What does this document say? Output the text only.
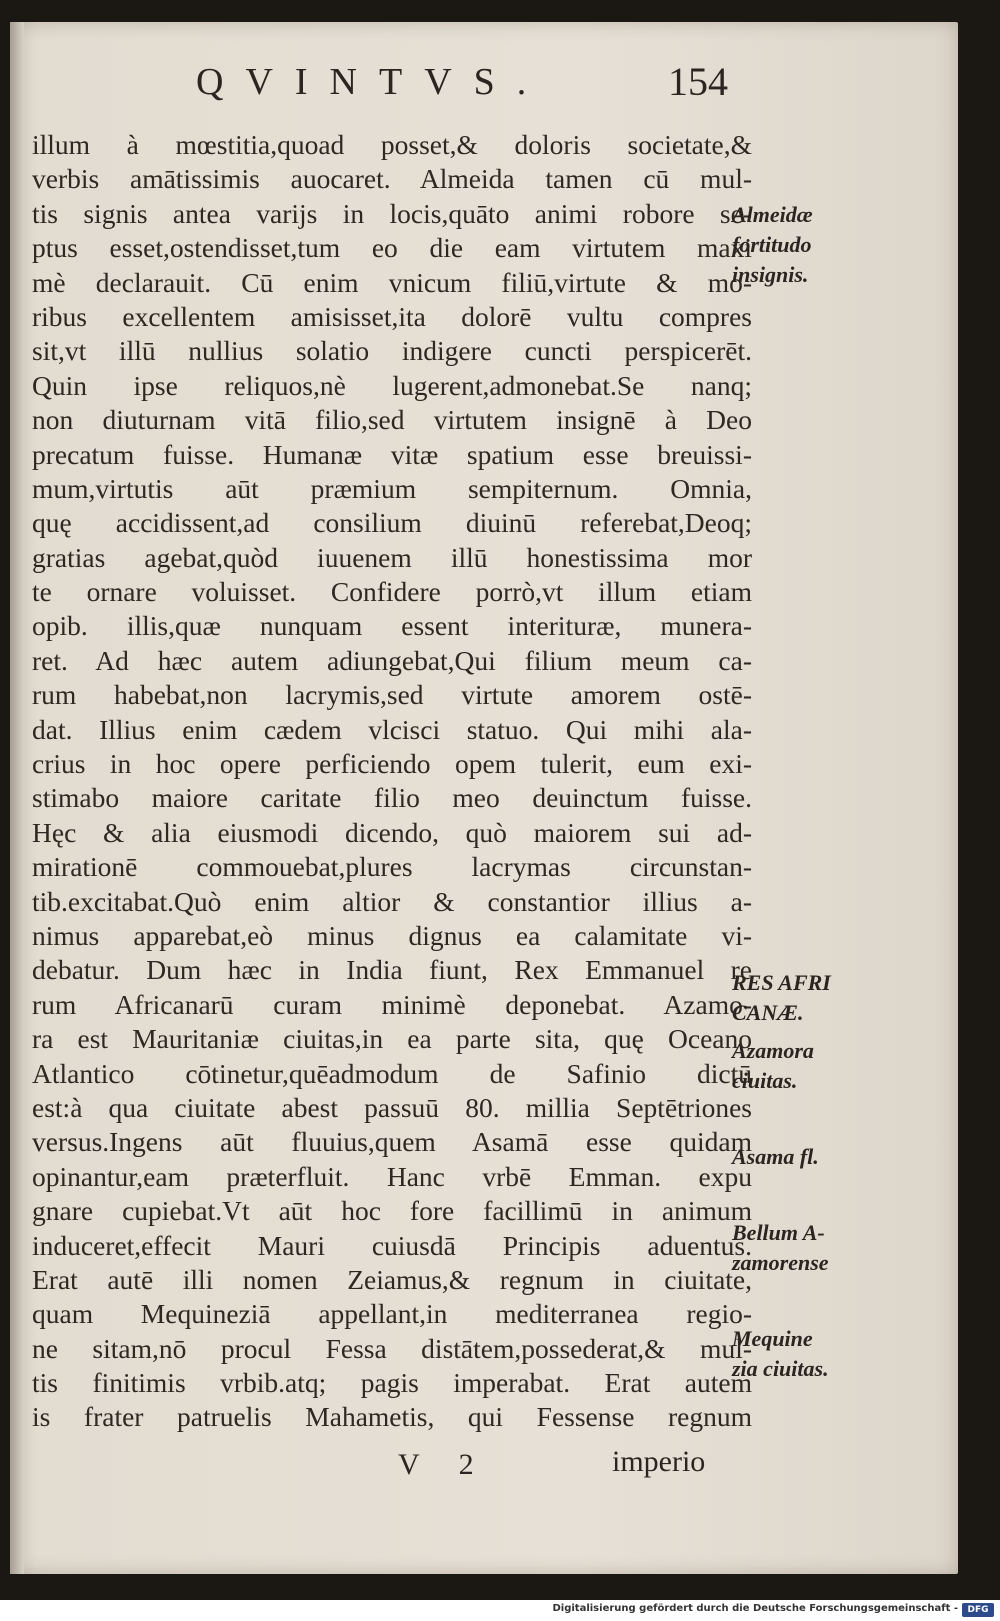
QVINTVS.	154
illum à mœstitia,quoad posset,& doloris societate,&
verbis amātissimis auocaret. Almeida tamen cū mul-
tis signis antea varijs in locis,quāto animi robore se-
ptus esset,ostendisset,tum eo die eam virtutem maxi
mè declarauit. Cū enim vnicum filiū,virtute & mo-
ribus excellentem amisisset,ita dolorē vultu compres
sit,vt illū nullius solatio indigere cuncti perspicerēt.
Quin ipse reliquos,nè lugerent,admonebat.Se nanq;
non diuturnam vitā filio,sed virtutem insignē à Deo
precatum fuisse. Humanæ vitæ spatium esse breuissi-
mum,virtutis aūt præmium sempiternum. Omnia,
quę accidissent,ad consilium diuinū referebat,Deoq;
gratias agebat,quòd iuuenem illū honestissima mor
te ornare voluisset. Confidere porrò,vt illum etiam
opib. illis,quæ nunquam essent interituræ, munera-
ret. Ad hæc autem adiungebat,Qui filium meum ca-
rum habebat,non lacrymis,sed virtute amorem ostē-
dat. Illius enim cædem vlcisci statuo. Qui mihi ala-
crius in hoc opere perficiendo opem tulerit, eum exi-
stimabo maiore caritate filio meo deuinctum fuisse.
Hęc & alia eiusmodi dicendo, quò maiorem sui ad-
mirationē commouebat,plures lacrymas circunstan-
tib.excitabat.Quò enim altior & constantior illius a-
nimus apparebat,eò minus dignus ea calamitate vi-
debatur. Dum hæc in India fiunt, Rex Emmanuel re
rum Africanarū curam minimè deponebat. Azamo-
ra est Mauritaniæ ciuitas,in ea parte sita, quę Oceano
Atlantico cōtinetur,quēadmodum de Safinio dictū
est:à qua ciuitate abest passuū 80. millia Septētriones
versus.Ingens aūt fluuius,quem Asamā esse quidam
opinantur,eam præterfluit. Hanc vrbē Emman. expu
gnare cupiebat.Vt aūt hoc fore facillimū in animum
induceret,effecit Mauri cuiusdā Principis aduentus.
Erat autē illi nomen Zeiamus,& regnum in ciuitate,
quam Mequineziā appellant,in mediterranea regio-
ne sitam,nō procul Fessa distātem,possederat,& mul-
tis finitimis vrbib.atq; pagis imperabat. Erat autem
is frater patruelis Mahametis, qui Fessense regnum
Almeidæ
fortitudo
insignis.
RES AFRI
CANÆ.
Azamora
ciuitas.
Asama fl.
Bellum A-
zamorense
Mequine
zia ciuitas.
V 2	imperio
Digitalisierung gefördert durch die Deutsche Forschungsgemeinschaft -	DFG
